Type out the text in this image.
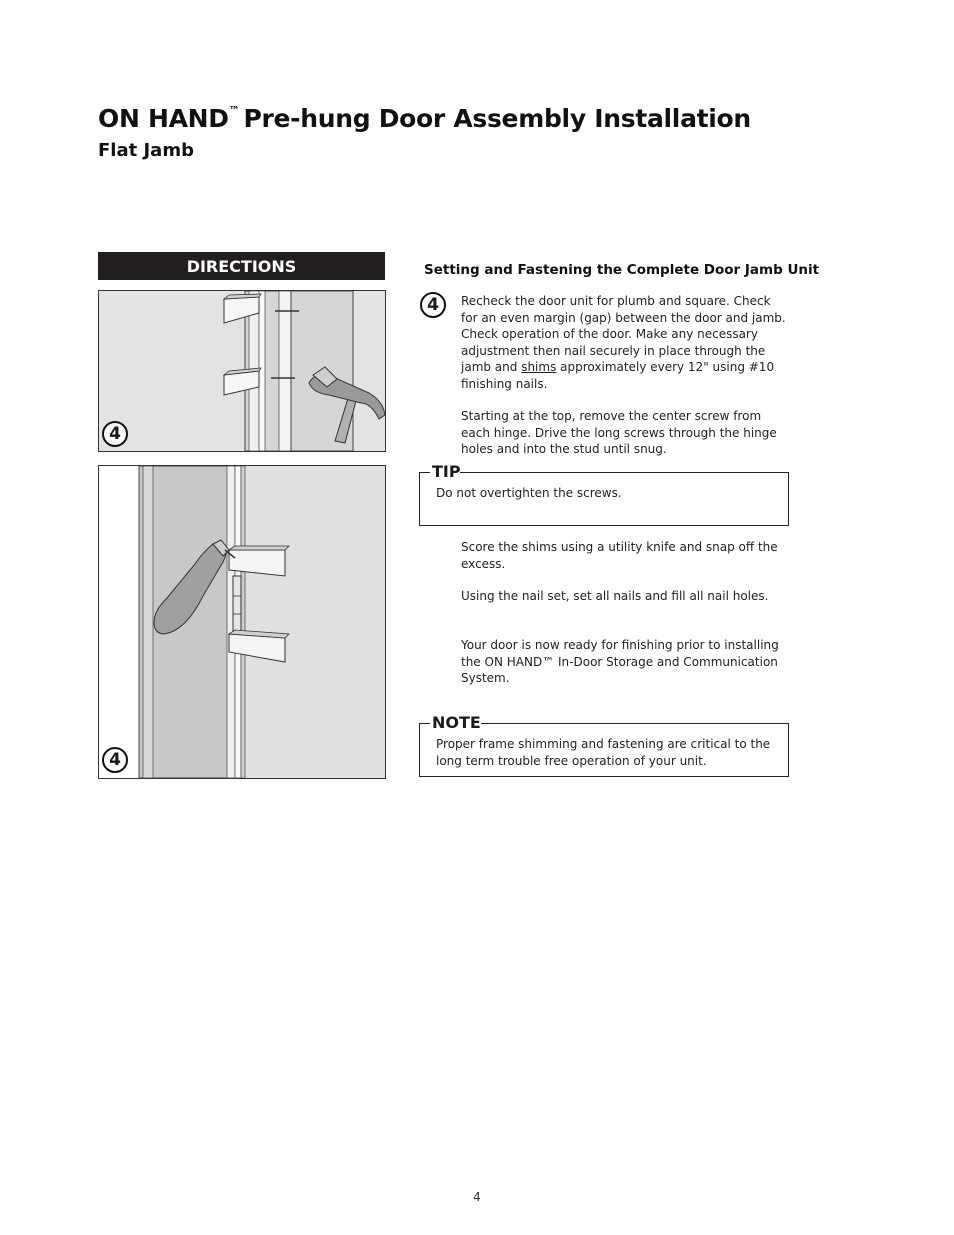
ON HAND™ Pre-hung Door Assembly Installation
Flat Jamb
DIRECTIONS
4
4
Setting and Fastening the Complete Door Jamb Unit
4	Recheck the door unit for plumb and square. Check for an even margin (gap) between the door and jamb. Check operation of the door. Make any necessary adjustment then nail securely in place through the jamb and shims approximately every 12" using #10 finishing nails.

Starting at the top, remove the center screw from each hinge. Drive the long screws through the hinge holes and into the stud until snug.

TIP

Do not overtighten the screws.

Score the shims using a utility knife and snap off the excess.

Using the nail set, set all nails and fill all nail holes.

Your door is now ready for finishing prior to installing the ON HAND™ In-Door Storage and Communication System.

NOTE

Proper frame shimming and fastening are critical to the long term trouble free operation of your unit.

4
